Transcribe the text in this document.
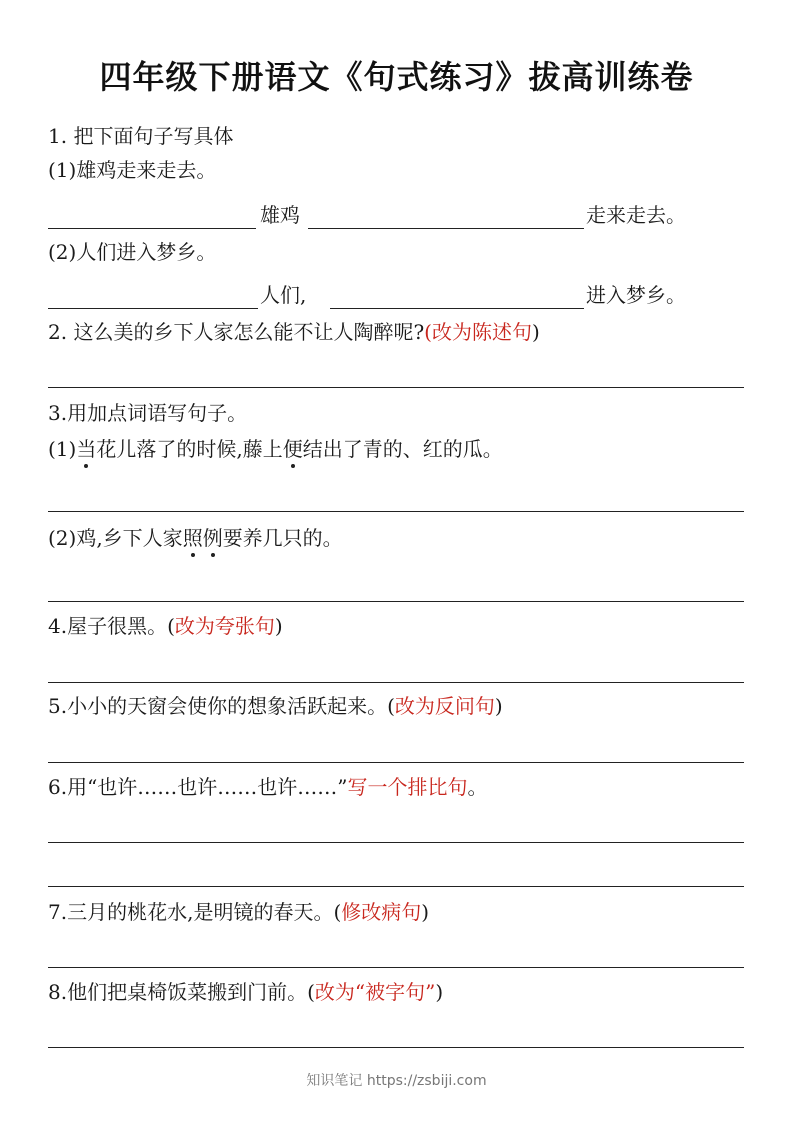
四年级下册语文《句式练习》拔高训练卷
1. 把下面句子写具体
(1)雄鸡走来走去。
雄鸡	走来走去。
(2)人们进入梦乡。
人们,	进入梦乡。
2. 这么美的乡下人家怎么能不让人陶醉呢?(改为陈述句)
3.用加点词语写句子。
(1)当花儿落了的时候,藤上便结出了青的、红的瓜。
(2)鸡,乡下人家照例要养几只的。
4.屋子很黑。(改为夸张句)
5.小小的天窗会使你的想象活跃起来。(改为反问句)
6.用“也许……也许……也许……”写一个排比句。
7.三月的桃花水,是明镜的春天。(修改病句)
8.他们把桌椅饭菜搬到门前。(改为“被字句”)
知识笔记 https://zsbiji.com
